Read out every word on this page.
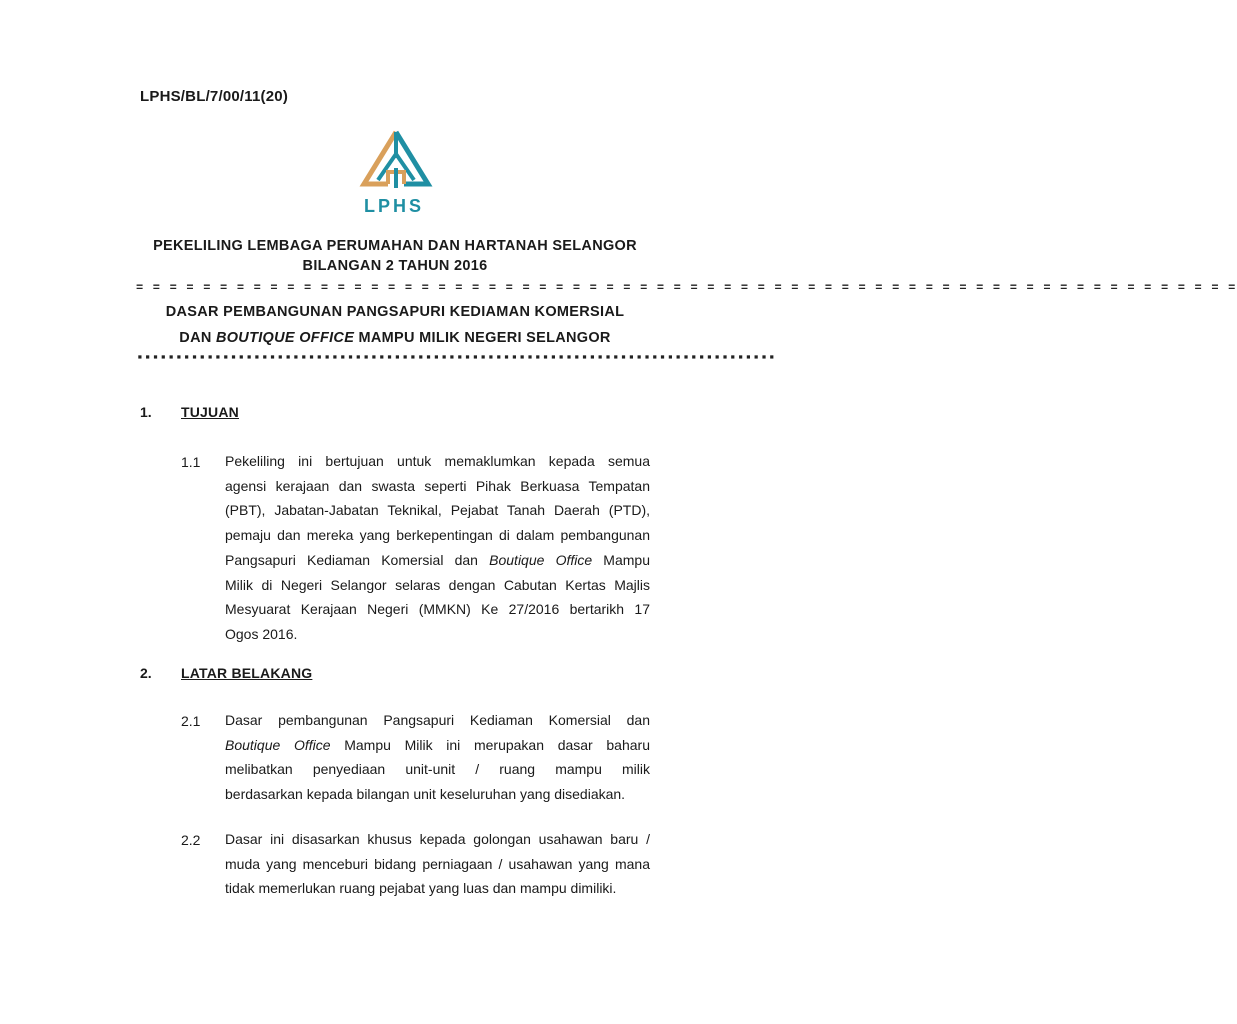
LPHS/BL/7/00/11(20)
LPHS
PEKELILING LEMBAGA PERUMAHAN DAN HARTANAH SELANGOR
BILANGAN 2 TAHUN 2016
= = = = = = = = = = = = = = = = = = = = = = = = = = = = = = = = = = = = = = = = = = = = = = = = = = = = = = = = = = = = = = = = = =
DASAR PEMBANGUNAN PANGSAPURI KEDIAMAN KOMERSIAL
DAN BOUTIQUE OFFICE MAMPU MILIK NEGERI SELANGOR
▪▪▪▪▪▪▪▪▪▪▪▪▪▪▪▪▪▪▪▪▪▪▪▪▪▪▪▪▪▪▪▪▪▪▪▪▪▪▪▪▪▪▪▪▪▪▪▪▪▪▪▪▪▪▪▪▪▪▪▪▪▪▪▪▪▪▪▪▪▪▪▪▪▪▪▪▪▪▪▪▪▪
1. TUJUAN
1.1 Pekeliling ini bertujuan untuk memaklumkan kepada semua
agensi kerajaan dan swasta seperti Pihak Berkuasa Tempatan
(PBT), Jabatan-Jabatan Teknikal, Pejabat Tanah Daerah (PTD),
pemaju dan mereka yang berkepentingan di dalam pembangunan
Pangsapuri Kediaman Komersial dan Boutique Office Mampu
Milik di Negeri Selangor selaras dengan Cabutan Kertas Majlis
Mesyuarat Kerajaan Negeri (MMKN) Ke 27/2016 bertarikh 17
Ogos 2016.
2. LATAR BELAKANG
2.1 Dasar pembangunan Pangsapuri Kediaman Komersial dan
Boutique Office Mampu Milik ini merupakan dasar baharu
melibatkan penyediaan unit-unit / ruang mampu milik
berdasarkan kepada bilangan unit keseluruhan yang disediakan.
2.2 Dasar ini disasarkan khusus kepada golongan usahawan baru /
muda yang menceburi bidang perniagaan / usahawan yang mana
tidak memerlukan ruang pejabat yang luas dan mampu dimiliki.
